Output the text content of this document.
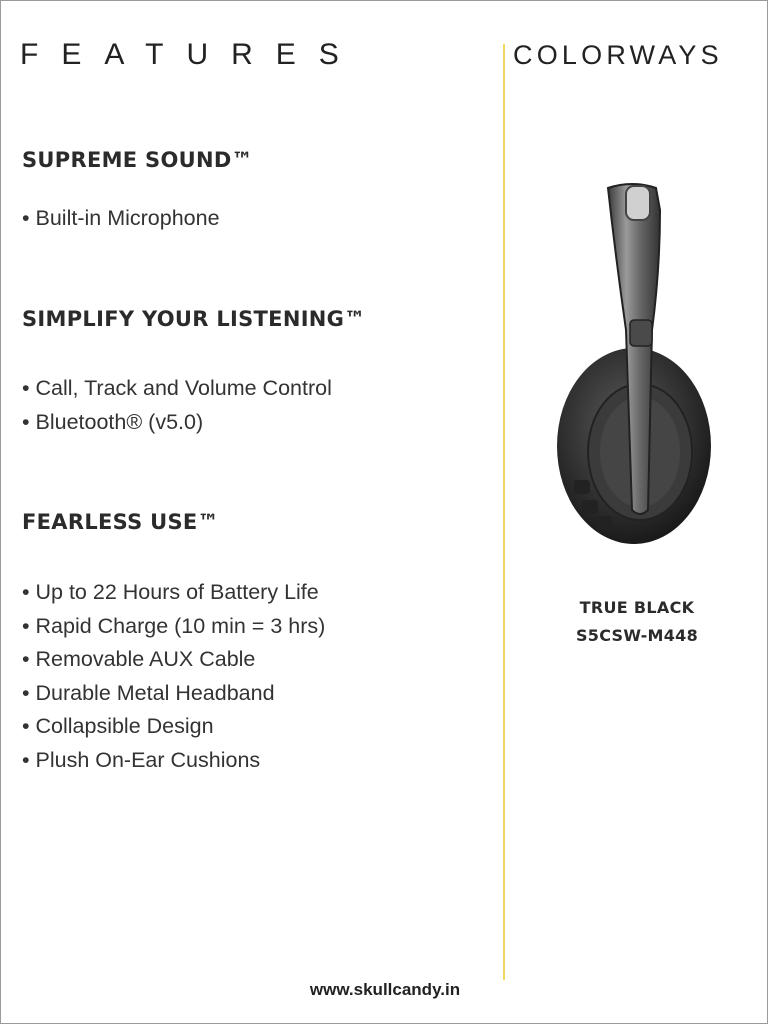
FEATURES	COLORWAYS
SUPREME SOUND™
• Built-in Microphone
SIMPLIFY YOUR LISTENING™
• Call, Track and Volume Control
• Bluetooth® (v5.0)
FEARLESS USE™
• Up to 22 Hours of Battery Life
• Rapid Charge (10 min = 3 hrs)
• Removable AUX Cable
• Durable Metal Headband
• Collapsible Design
• Plush On-Ear Cushions
TRUE BLACK
S5CSW-M448
www.skullcandy.in
